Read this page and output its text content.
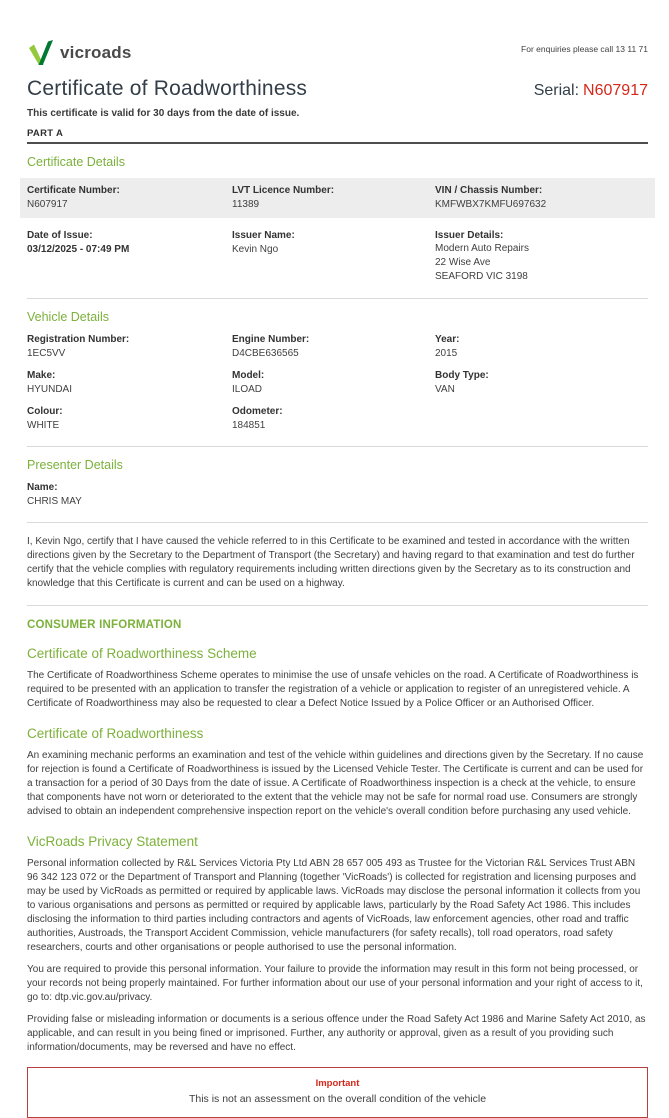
vicroads	For enquiries please call 13 11 71
Certificate of Roadworthiness	Serial: N607917
This certificate is valid for 30 days from the date of issue.
PART A
Certificate Details
Certificate Number:
N607917
LVT Licence Number:
11389
VIN / Chassis Number:
KMFWBX7KMFU697632
Date of Issue:
03/12/2025 - 07:49 PM
Issuer Name:
Kevin Ngo
Issuer Details:
Modern Auto Repairs
22 Wise Ave
SEAFORD VIC 3198
Vehicle Details
Registration Number:
1EC5VV
Engine Number:
D4CBE636565
Year:
2015
Make:
HYUNDAI
Model:
ILOAD
Body Type:
VAN
Colour:
WHITE
Odometer:
184851
Presenter Details
Name:
CHRIS MAY

I, Kevin Ngo, certify that I have caused the vehicle referred to in this Certificate to be examined and tested in accordance with the written directions given by the Secretary to the Department of Transport (the Secretary) and having regard to that examination and test do further certify that the vehicle complies with regulatory requirements including written directions given by the Secretary as to its construction and knowledge that this Certificate is current and can be used on a highway.

CONSUMER INFORMATION
Certificate of Roadworthiness Scheme

The Certificate of Roadworthiness Scheme operates to minimise the use of unsafe vehicles on the road. A Certificate of Roadworthiness is required to be presented with an application to transfer the registration of a vehicle or application to register of an unregistered vehicle. A Certificate of Roadworthiness may also be requested to clear a Defect Notice Issued by a Police Officer or an Authorised Officer.

Certificate of Roadworthiness

An examining mechanic performs an examination and test of the vehicle within guidelines and directions given by the Secretary. If no cause for rejection is found a Certificate of Roadworthiness is issued by the Licensed Vehicle Tester. The Certificate is current and can be used for a transaction for a period of 30 Days from the date of issue. A Certificate of Roadworthiness inspection is a check at the vehicle, to ensure that components have not worn or deteriorated to the extent that the vehicle may not be safe for normal road use. Consumers are strongly advised to obtain an independent comprehensive inspection report on the vehicle's overall condition before purchasing any used vehicle.

VicRoads Privacy Statement

Personal information collected by R&L Services Victoria Pty Ltd ABN 28 657 005 493 as Trustee for the Victorian R&L Services Trust ABN 96 342 123 072 or the Department of Transport and Planning (together 'VicRoads') is collected for registration and licensing purposes and may be used by VicRoads as permitted or required by applicable laws. VicRoads may disclose the personal information it collects from you to various organisations and persons as permitted or required by applicable laws, particularly by the Road Safety Act 1986. This includes disclosing the information to third parties including contractors and agents of VicRoads, law enforcement agencies, other road and traffic authorities, Austroads, the Transport Accident Commission, vehicle manufacturers (for safety recalls), toll road operators, road safety researchers, courts and other organisations or people authorised to use the personal information.

You are required to provide this personal information. Your failure to provide the information may result in this form not being processed, or your records not being properly maintained. For further information about our use of your personal information and your right of access to it, go to: dtp.vic.gov.au/privacy.

Providing false or misleading information or documents is a serious offence under the Road Safety Act 1986 and Marine Safety Act 2010, as applicable, and can result in you being fined or imprisoned. Further, any authority or approval, given as a result of you providing such information/documents, may be reversed and have no effect.

Important
This is not an assessment on the overall condition of the vehicle
